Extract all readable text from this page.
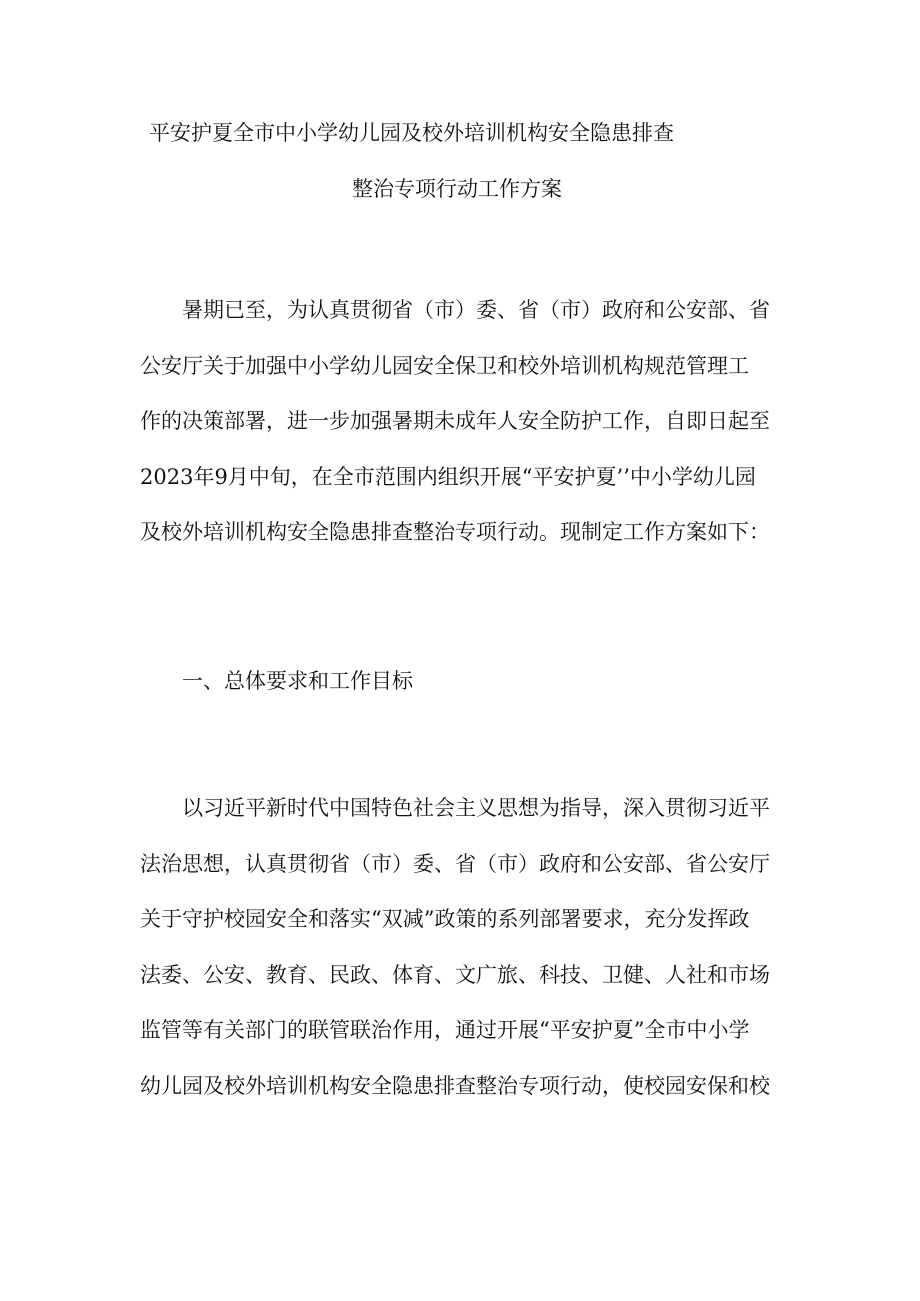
平安护夏全市中小学幼儿园及校外培训机构安全隐患排查
整治专项行动工作方案
暑期已至，为认真贯彻省（市）委、省（市）政府和公安部、省
公安厅关于加强中小学幼儿园安全保卫和校外培训机构规范管理工
作的决策部署，进一步加强暑期未成年人安全防护工作，自即日起至
2023年9月中旬，在全市范围内组织开展“平安护夏’’中小学幼儿园
及校外培训机构安全隐患排查整治专项行动。现制定工作方案如下：
一、总体要求和工作目标
以习近平新时代中国特色社会主义思想为指导，深入贯彻习近平
法治思想，认真贯彻省（市）委、省（市）政府和公安部、省公安厅
关于守护校园安全和落实“双减”政策的系列部署要求，充分发挥政
法委、公安、教育、民政、体育、文广旅、科技、卫健、人社和市场
监管等有关部门的联管联治作用，通过开展“平安护夏”全市中小学
幼儿园及校外培训机构安全隐患排查整治专项行动，使校园安保和校
